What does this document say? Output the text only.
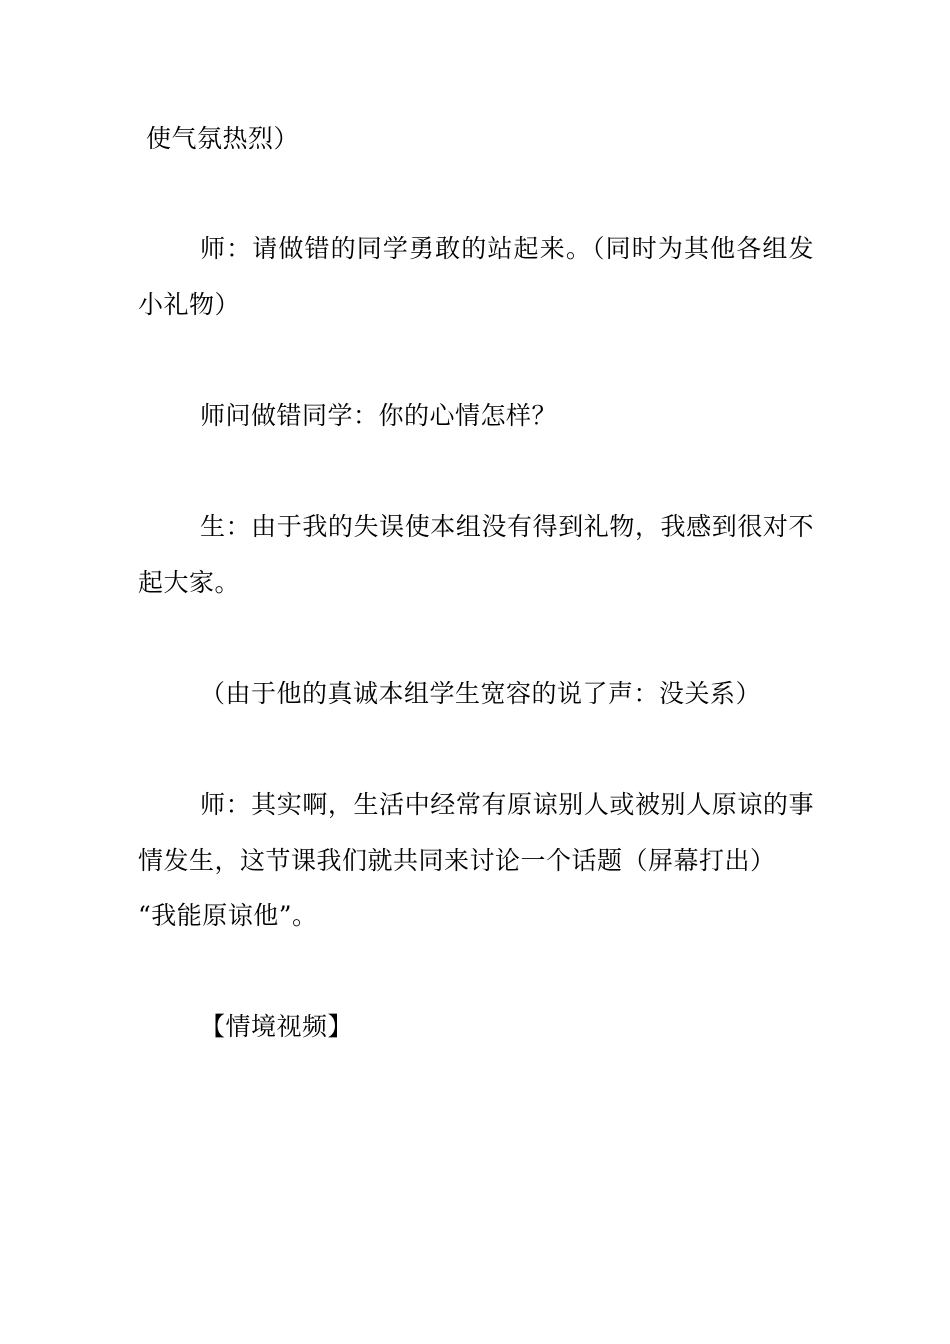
使气氛热烈）
师：请做错的同学勇敢的站起来。（同时为其他各组发
小礼物）
师问做错同学：你的心情怎样？
生：由于我的失误使本组没有得到礼物，我感到很对不
起大家。
（由于他的真诚本组学生宽容的说了声：没关系）
师：其实啊，生活中经常有原谅别人或被别人原谅的事
情发生，这节课我们就共同来讨论一个话题（屏幕打出）
“我能原谅他”。
【情境视频】
